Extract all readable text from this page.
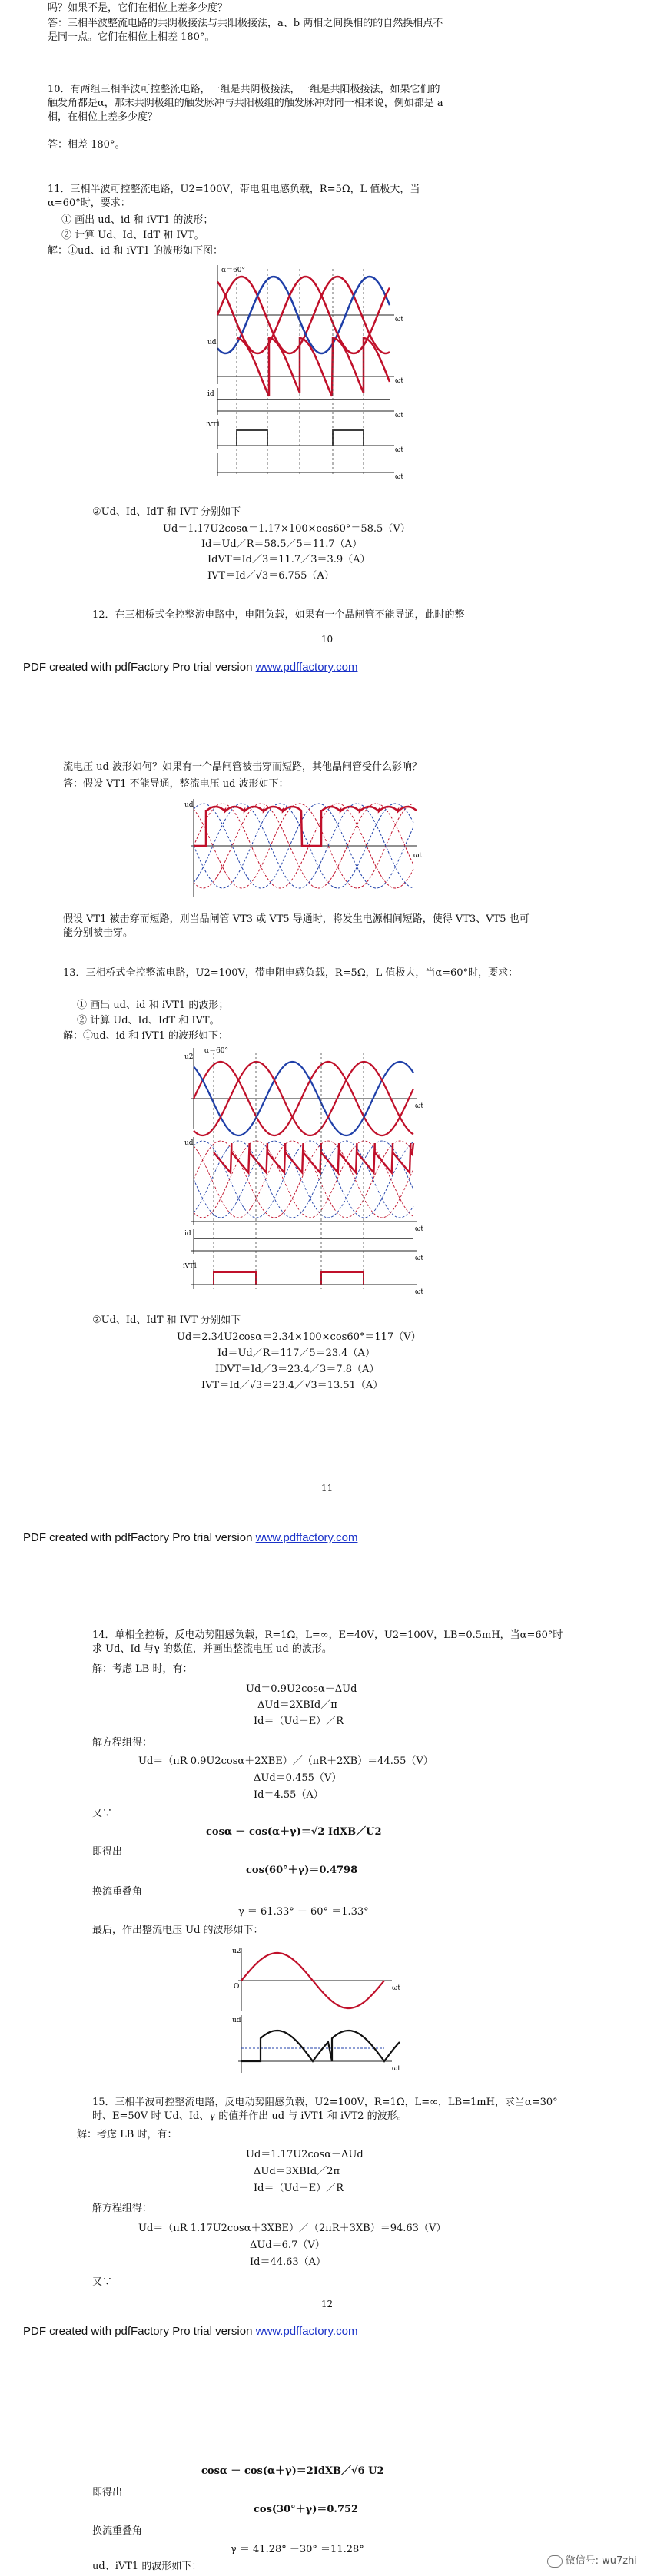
吗？如果不是，它们在相位上差多少度？
答：三相半波整流电路的共阴极接法与共阳极接法，a、b 两相之间换相的的自然换相点不是同一点。它们在相位上相差 180°。
10．有两组三相半波可控整流电路，一组是共阴极接法，一组是共阳极接法，如果它们的触发角都是α，那末共阴极组的触发脉冲与共阳极组的触发脉冲对同一相来说，例如都是 a 相，在相位上差多少度？
答：相差 180°。
11．三相半波可控整流电路，U2=100V，带电阻电感负载，R=5Ω，L 值极大，当α=60°时，要求：
① 画出 ud、id 和 iVT1 的波形；
② 计算 Ud、Id、IdT 和 IVT。
解：①ud、id 和 iVT1 的波形如下图：
α＝60°
ωt
ωt
ωt
ωt
ωt
ud
id
iVT1
②Ud、Id、IdT 和 IVT 分别如下
Ud＝1.17U2cosα＝1.17×100×cos60°＝58.5（V）
Id＝Ud／R＝58.5／5＝11.7（A）
IdVT＝Id／3＝11.7／3＝3.9（A）
IVT＝Id／√3＝6.755（A）
12．在三相桥式全控整流电路中，电阻负载，如果有一个晶闸管不能导通，此时的整
10
PDF created with pdfFactory Pro trial version www.pdffactory.com
流电压 ud 波形如何？如果有一个晶闸管被击穿而短路，其他晶闸管受什么影响？
答：假设 VT1 不能导通，整流电压 ud 波形如下：
ud
ωt
假设 VT1 被击穿而短路，则当晶闸管 VT3 或 VT5 导通时，将发生电源相间短路，使得 VT3、VT5 也可能分别被击穿。
13．三相桥式全控整流电路，U2=100V，带电阻电感负载，R=5Ω，L 值极大，当α=60°时，要求：
① 画出 ud、id 和 iVT1 的波形；
② 计算 Ud、Id、IdT 和 IVT。
解：①ud、id 和 iVT1 的波形如下：
α＝60°
u2
ud
id
iVT1
ωt
ωt
ωt
ωt
②Ud、Id、IdT 和 IVT 分别如下
Ud＝2.34U2cosα＝2.34×100×cos60°＝117（V）
Id＝Ud／R＝117／5＝23.4（A）
IDVT＝Id／3＝23.4／3＝7.8（A）
IVT＝Id／√3＝23.4／√3＝13.51（A）
11
PDF created with pdfFactory Pro trial version www.pdffactory.com
14．单相全控桥，反电动势阻感负载，R=1Ω，L=∞，E=40V，U2=100V，LB=0.5mH，当α=60°时求 Ud、Id 与γ 的数值，并画出整流电压 ud 的波形。
解：考虑 LB 时，有：
Ud＝0.9U2cosα－ΔUd
ΔUd＝2XBId／π
Id＝（Ud－E）／R
解方程组得：
Ud＝（πR 0.9U2cosα＋2XBE）／（πR＋2XB）＝44.55（V）
ΔUd＝0.455（V）
Id＝4.55（A）
又∵
cosα － cos(α＋γ)＝√2 IdXB／U2
即得出
cos(60°＋γ)＝0.4798
换流重叠角
γ ＝ 61.33° － 60° ＝1.33°
最后，作出整流电压 Ud 的波形如下：
u2
ud
O	ωt
ωt
15．三相半波可控整流电路，反电动势阻感负载，U2=100V，R=1Ω，L=∞，LB=1mH，求当α=30°时、E=50V 时 Ud、Id、γ 的值并作出 ud 与 iVT1 和 iVT2 的波形。
解：考虑 LB 时，有：
Ud＝1.17U2cosα－ΔUd
ΔUd＝3XBId／2π
Id＝（Ud－E）／R
解方程组得：
Ud＝（πR 1.17U2cosα＋3XBE）／（2πR＋3XB）＝94.63（V）
ΔUd＝6.7（V）
Id＝44.63（A）
又∵
12
PDF created with pdfFactory Pro trial version www.pdffactory.com
cosα － cos(α＋γ)＝2IdXB／√6 U2
即得出
cos(30°＋γ)＝0.752
换流重叠角
γ ＝ 41.28° －30° ＝11.28°
ud、iVT1 的波形如下：	微信号: wu7zhi
